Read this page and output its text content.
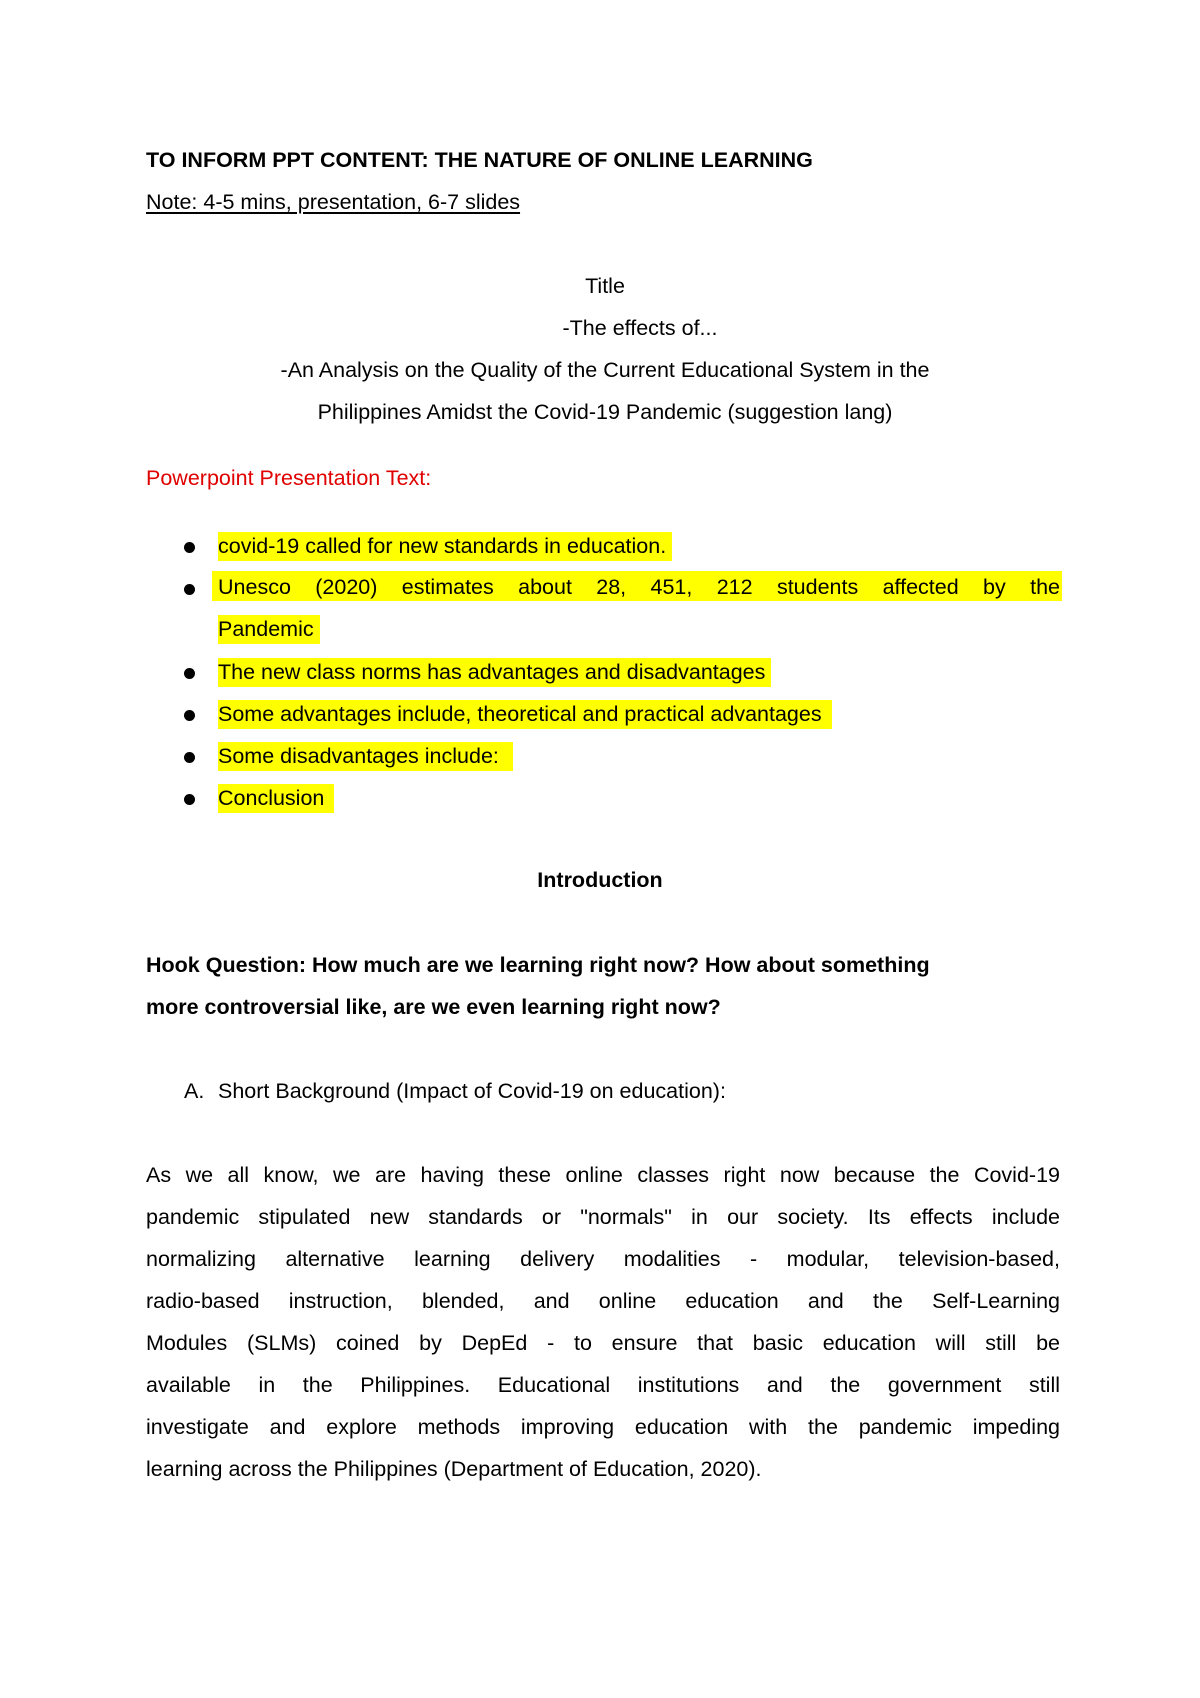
TO INFORM PPT CONTENT: THE NATURE OF ONLINE LEARNING
Note: 4-5 mins, presentation, 6-7 slides
Title
-The effects of...
-An Analysis on the Quality of the Current Educational System in the
Philippines Amidst the Covid-19 Pandemic (suggestion lang)
Powerpoint Presentation Text:
covid-19 called for new standards in education.
Unesco (2020) estimates about 28, 451, 212 students affected by the
Pandemic
The new class norms has advantages and disadvantages
Some advantages include, theoretical and practical advantages
Some disadvantages include:
Conclusion
Introduction
Hook Question: How much are we learning right now? How about something
more controversial like, are we even learning right now?
A. Short Background (Impact of Covid-19 on education):
As we all know, we are having these online classes right now because the Covid-19
pandemic stipulated new standards or "normals" in our society. Its effects include
normalizing alternative learning delivery modalities - modular, television-based,
radio-based instruction, blended, and online education and the Self-Learning
Modules (SLMs) coined by DepEd - to ensure that basic education will still be
available in the Philippines. Educational institutions and the government still
investigate and explore methods improving education with the pandemic impeding
learning across the Philippines (Department of Education, 2020).
